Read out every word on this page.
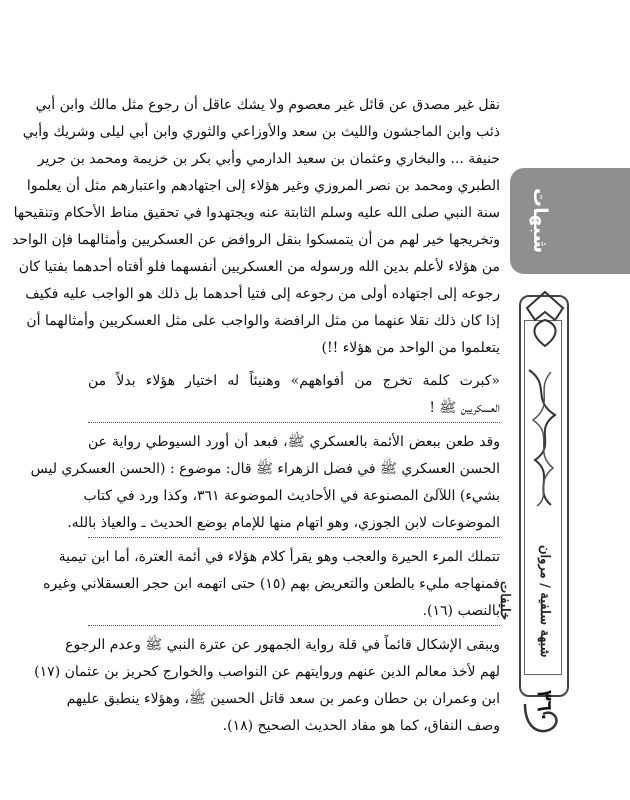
شبهات وردود
شبهة سلفية / مروان خليفات
٣٦٠
نقل غير مصدق عن قائل غير معصوم ولا يشك عاقل أن رجوع مثل مالك وابن أبي
ذئب وابن الماجشون والليث بن سعد والأوزاعي والثوري وابن أبي ليلى وشريك وأبي
حنيفة ... والبخاري وعثمان بن سعيد الدارمي وأبي بكر بن خزيمة ومحمد بن جرير
الطبري ومحمد بن نصر المروزي وغير هؤلاء إلى اجتهادهم واعتبارهم مثل أن يعلموا
سنة النبي صلى الله عليه وسلم الثابتة عنه ويجتهدوا في تحقيق مناط الأحكام وتنقيحها
وتخريجها خير لهم من أن يتمسكوا بنقل الروافض عن العسكريين وأمثالهما فإن الواحد
من هؤلاء لأعلم بدين الله ورسوله من العسكريين أنفسهما فلو أفتاه أحدهما بفتيا كان
رجوعه إلى اجتهاده أولى من رجوعه إلى فتيا أحدهما بل ذلك هو الواجب عليه فكيف
إذا كان ذلك نقلا عنهما من مثل الرافضة والواجب على مثل العسكريين وأمثالهما أن
يتعلموا من الواحد من هؤلاء !!)
«كبرت كلمة تخرج من أفواههم» وهنيئاً له اختيار هؤلاء بدلاً من
العسكريين ﷺ !
وقد طعن ببعض الأئمة بالعسكري ﷺ، فبعد أن أورد السيوطي رواية عن
الحسن العسكري ﷺ في فضل الزهراء ﷺ قال: موضوع : (الحسن العسكري ليس
بشيء) اللآلئ المصنوعة في الأحاديث الموضوعة ٣٦١، وكذا ورد في كتاب
الموضوعات لابن الجوزي، وهو اتهام منها للإمام بوضع الحديث ـ والعياذ بالله.
تتملك المرء الحيرة والعجب وهو يقرأ كلام هؤلاء في أئمة العترة، أما ابن تيمية
فمنهاجه مليء بالطعن والتعريض بهم (١٥) حتى اتهمه ابن حجر العسقلاني وغيره
بالنصب (١٦).
ويبقى الإشكال قائماً في قلة رواية الجمهور عن عترة النبي ﷺ وعدم الرجوع
لهم لأخذ معالم الدين عنهم وروايتهم عن النواصب والخوارج كحريز بن عثمان (١٧)
ابن وعمران بن حطان وعمر بن سعد قاتل الحسين ﷺ، وهؤلاء ينطبق عليهم
وصف النفاق، كما هو مفاد الحديث الصحيح (١٨).
